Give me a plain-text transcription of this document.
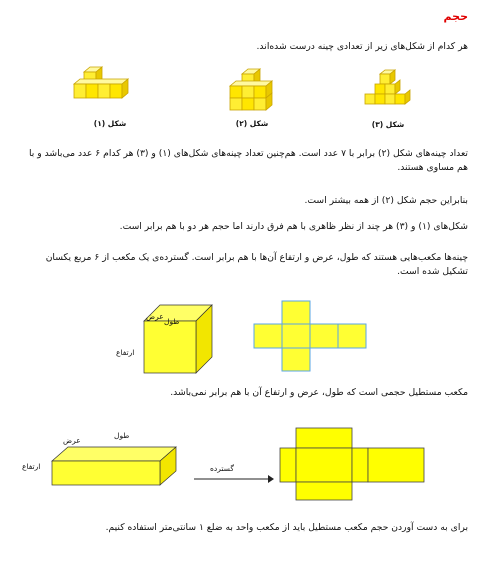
حجم
هر کدام از شکل‌های زیر از تعدادی چینه درست شده‌اند.
شکل (۱)	شکل (۲)	شکل (۳)
تعداد چینه‌های شکل (۲) برابر با ۷ عدد است. هم‌چنین تعداد چینه‌های شکل‌های (۱) و (۳) هر کدام ۶ عدد می‌باشد و با هم مساوی هستند.
بنابراین حجم شکل (۲) از همه بیشتر است.
شکل‌های (۱) و (۳) هر چند از نظر ظاهری با هم فرق دارند اما حجم هر دو با هم برابر است.
چینه‌ها مکعب‌هایی هستند که طول، عرض و ارتفاع آن‌ها با هم برابر است. گسترده‌ی یک مکعب از ۶ مربع یکسان تشکیل شده است.
عرض
طول
ارتفاع
مکعب مستطیل حجمی است که طول، عرض و ارتفاع آن با هم برابر نمی‌باشد.
عرض
طول
ارتفاع	گسترده
برای به دست آوردن حجم مکعب مستطیل باید از مکعب واحد به ضلع ۱ سانتی‌متر استفاده کنیم.
